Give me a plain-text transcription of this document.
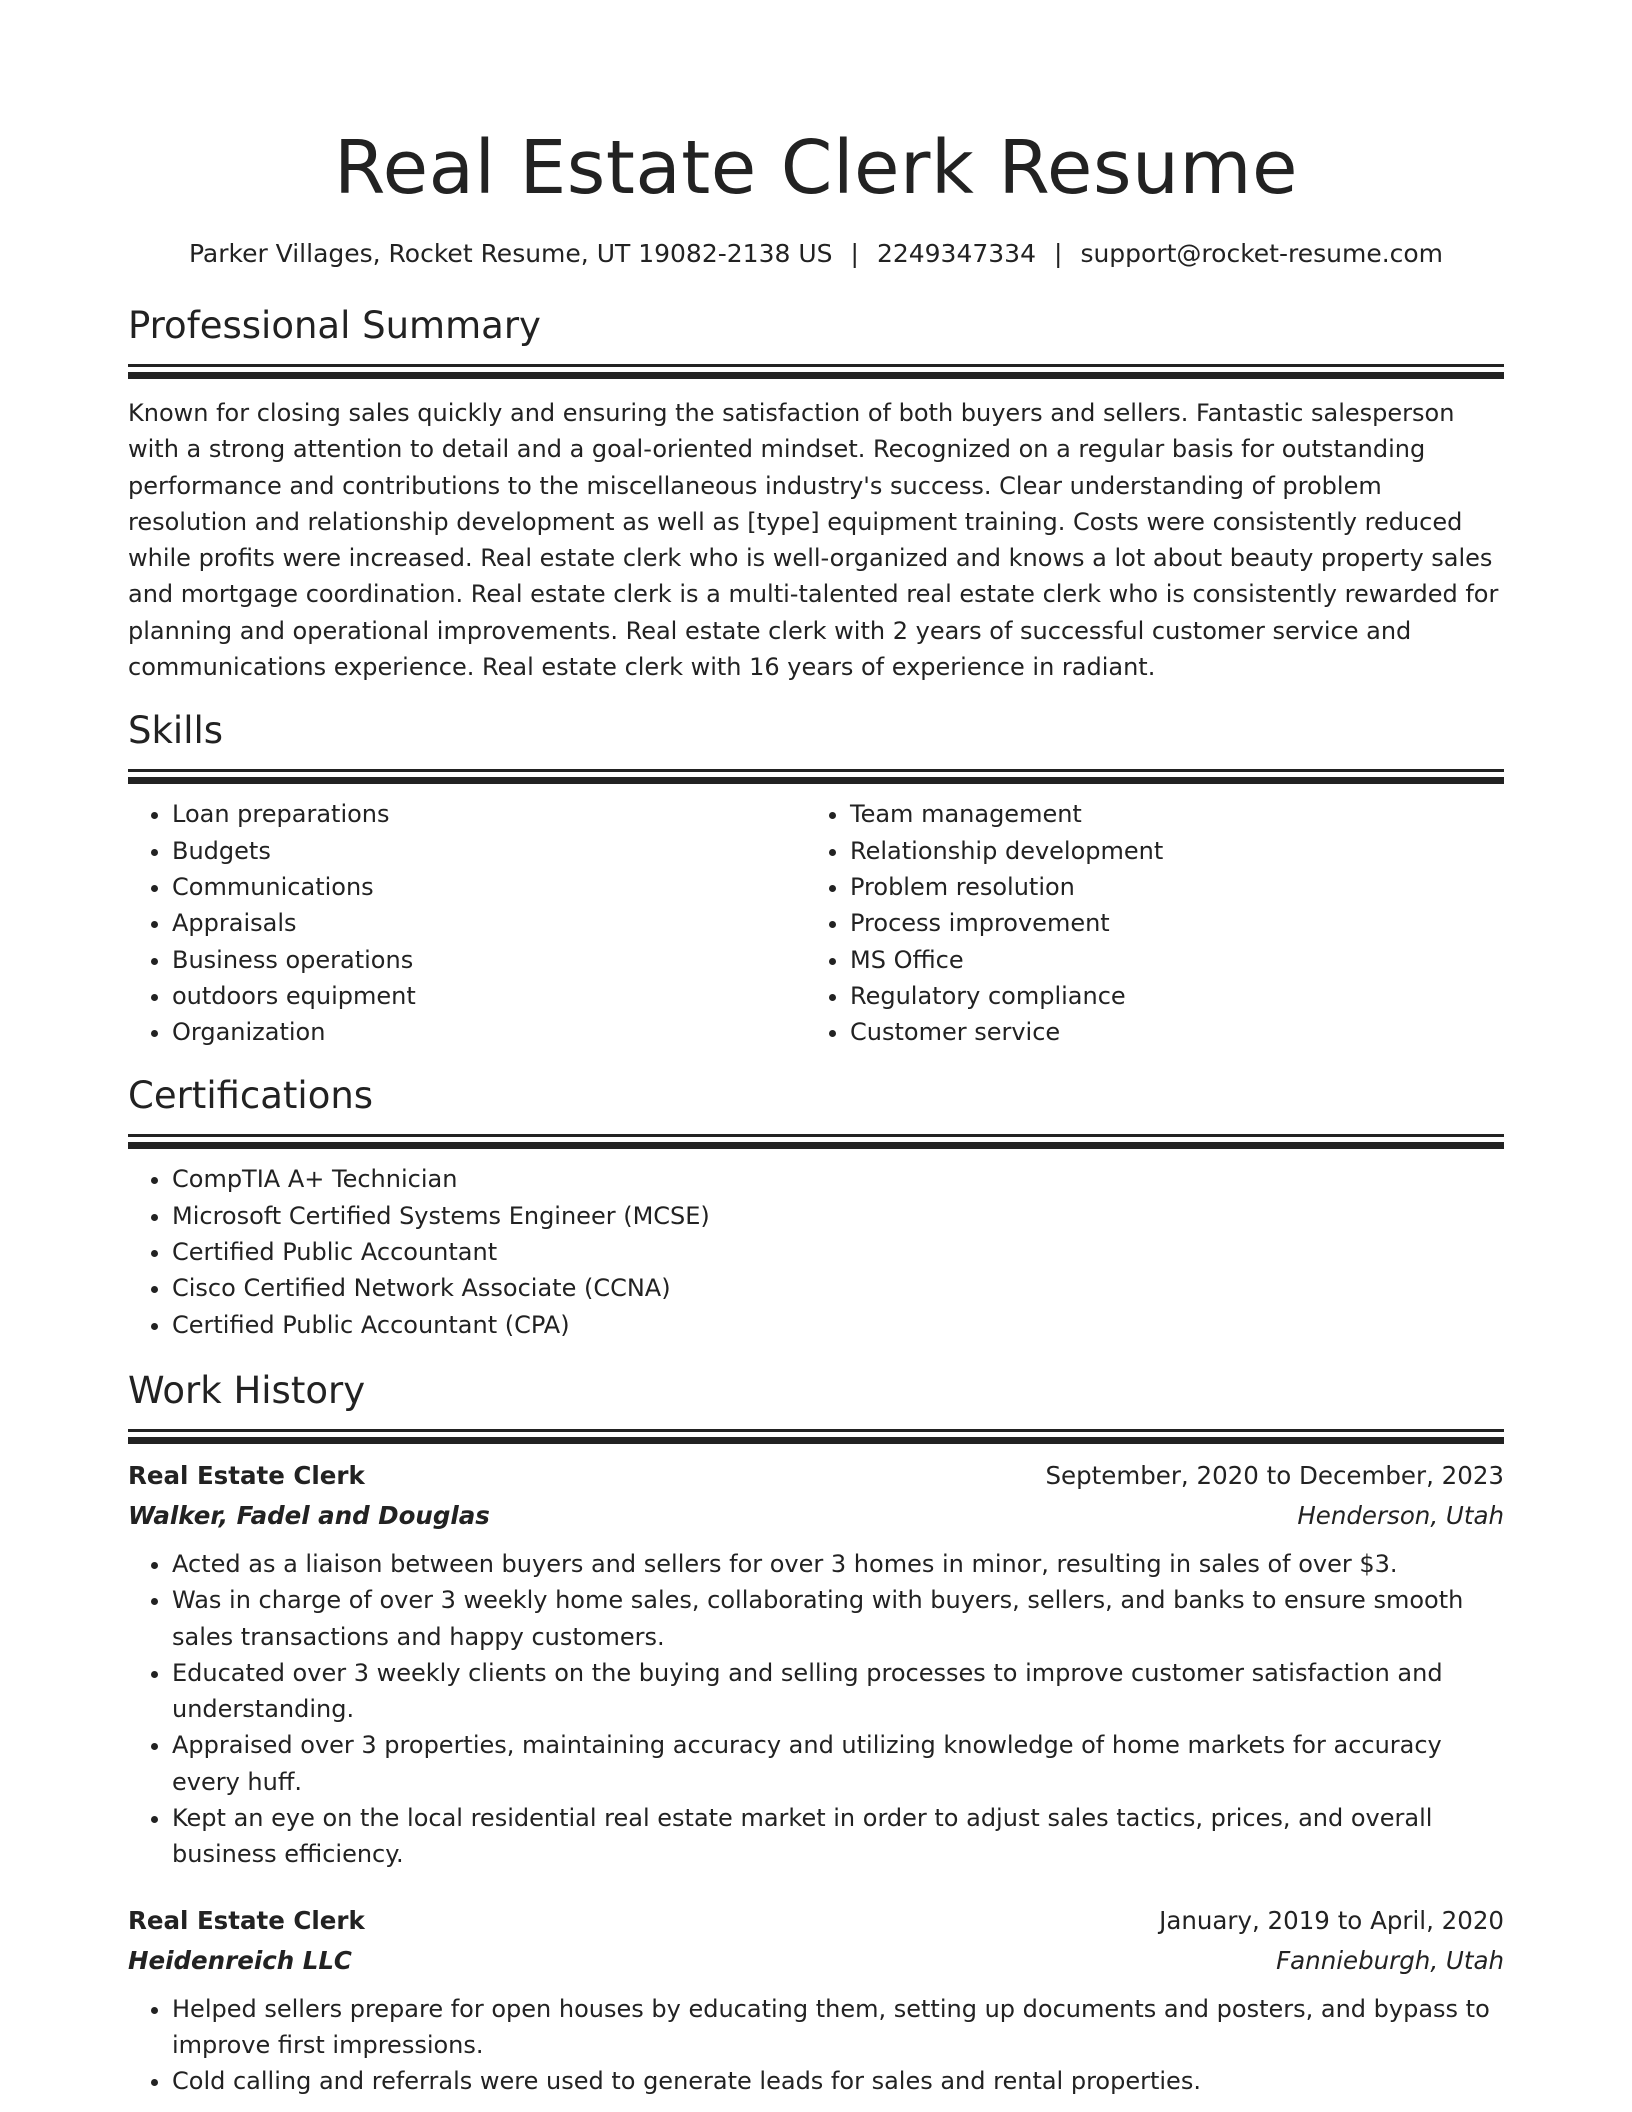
Real Estate Clerk Resume
Parker Villages, Rocket Resume, UT 19082-2138 US | 2249347334 | support@rocket-resume.com
Professional Summary

Known for closing sales quickly and ensuring the satisfaction of both buyers and sellers. Fantastic salesperson with a strong attention to detail and a goal-oriented mindset. Recognized on a regular basis for outstanding performance and contributions to the miscellaneous industry's success. Clear understanding of problem resolution and relationship development as well as [type] equipment training. Costs were consistently reduced while profits were increased. Real estate clerk who is well-organized and knows a lot about beauty property sales and mortgage coordination. Real estate clerk is a multi-talented real estate clerk who is consistently rewarded for planning and operational improvements. Real estate clerk with 2 years of successful customer service and communications experience. Real estate clerk with 16 years of experience in radiant.

Skills
• Loan preparations
• Budgets
• Communications
• Appraisals
• Business operations
• outdoors equipment
• Organization
• Team management
• Relationship development
• Problem resolution
• Process improvement
• MS Office
• Regulatory compliance
• Customer service
Certifications
• CompTIA A+ Technician
• Microsoft Certified Systems Engineer (MCSE)
• Certified Public Accountant
• Cisco Certified Network Associate (CCNA)
• Certified Public Accountant (CPA)
Work History
Real Estate Clerk	September, 2020 to December, 2023
Walker, Fadel and Douglas	Henderson, Utah
• Acted as a liaison between buyers and sellers for over 3 homes in minor, resulting in sales of over $3.
• Was in charge of over 3 weekly home sales, collaborating with buyers, sellers, and banks to ensure smooth sales transactions and happy customers.
• Educated over 3 weekly clients on the buying and selling processes to improve customer satisfaction and understanding.
• Appraised over 3 properties, maintaining accuracy and utilizing knowledge of home markets for accuracy every huff.
• Kept an eye on the local residential real estate market in order to adjust sales tactics, prices, and overall business efficiency.
Real Estate Clerk	January, 2019 to April, 2020
Heidenreich LLC	Fannieburgh, Utah
• Helped sellers prepare for open houses by educating them, setting up documents and posters, and bypass to improve first impressions.
• Cold calling and referrals were used to generate leads for sales and rental properties.
